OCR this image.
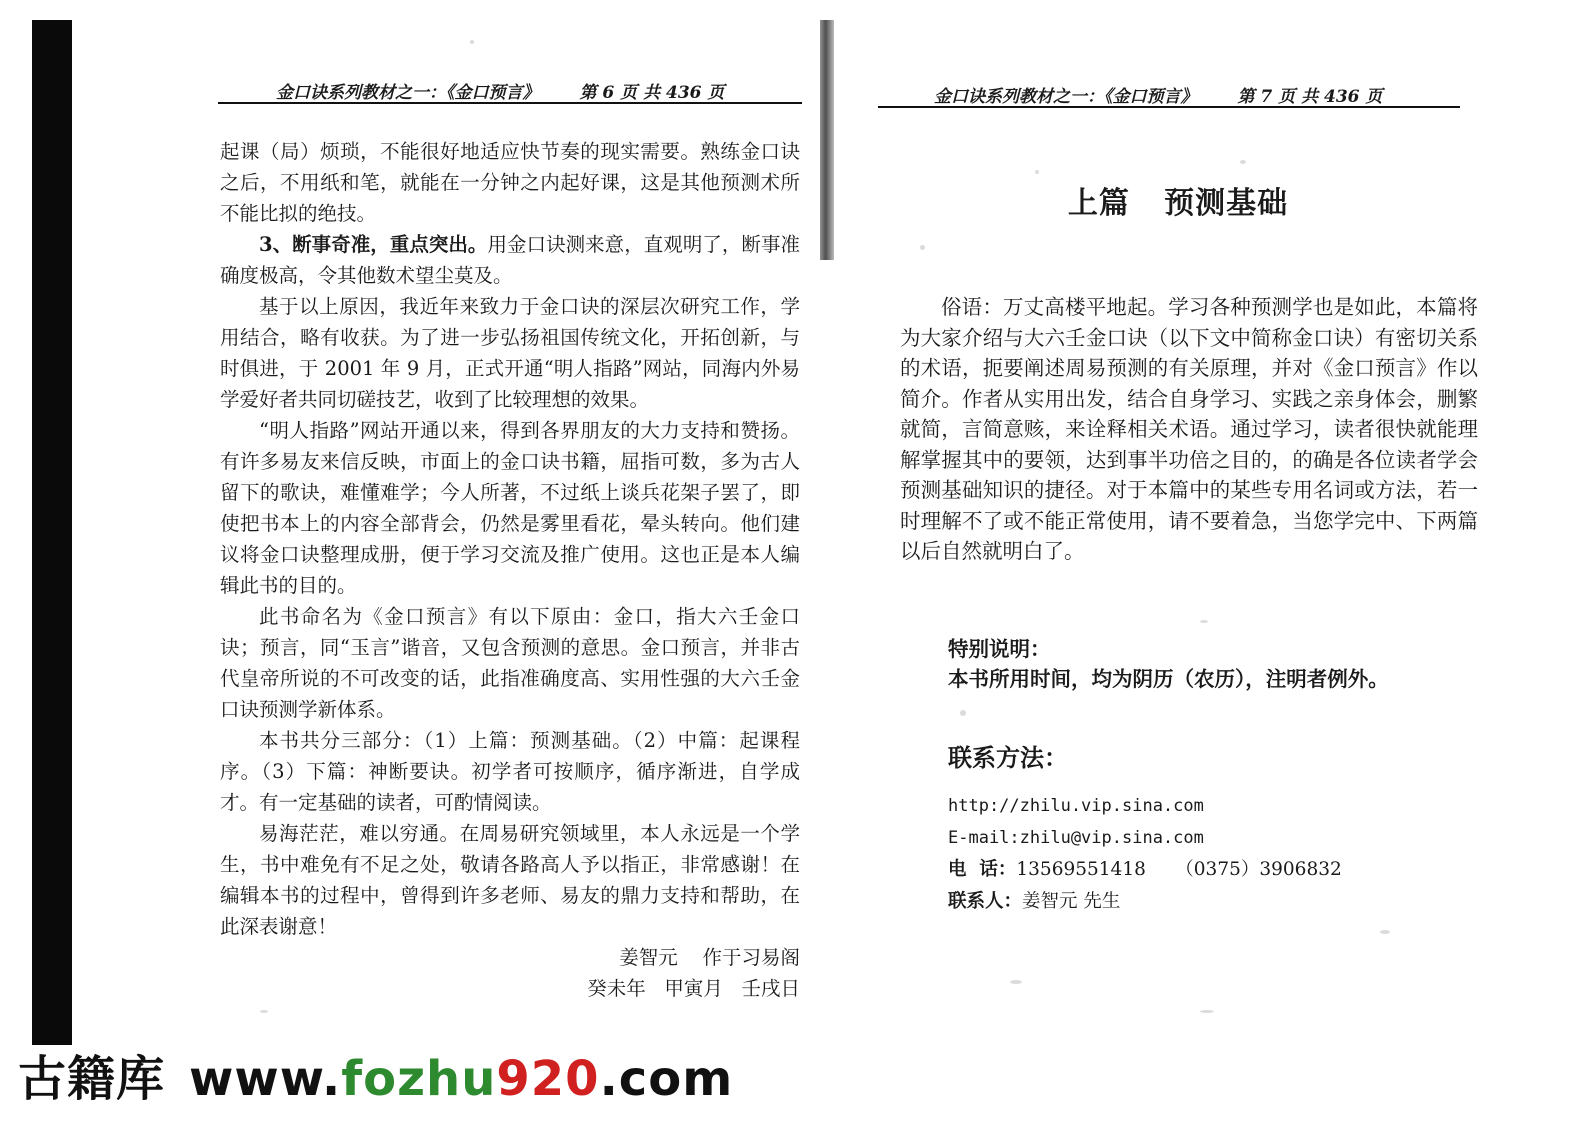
金口诀系列教材之一：《金口预言》 第 6 页 共 436 页

起课（局）烦琐，不能很好地适应快节奏的现实需要。熟练金口诀之后，不用纸和笔，就能在一分钟之内起好课，这是其他预测术所不能比拟的绝技。

3、断事奇准，重点突出。用金口诀测来意，直观明了，断事准确度极高，令其他数术望尘莫及。

基于以上原因，我近年来致力于金口诀的深层次研究工作，学用结合，略有收获。为了进一步弘扬祖国传统文化，开拓创新，与时俱进，于 2001 年 9 月，正式开通“明人指路”网站，同海内外易学爱好者共同切磋技艺，收到了比较理想的效果。

“明人指路”网站开通以来，得到各界朋友的大力支持和赞扬。有许多易友来信反映，市面上的金口诀书籍，屈指可数，多为古人留下的歌诀，难懂难学；今人所著，不过纸上谈兵花架子罢了，即使把书本上的内容全部背会，仍然是雾里看花，晕头转向。他们建议将金口诀整理成册，便于学习交流及推广使用。这也正是本人编辑此书的目的。

此书命名为《金口预言》有以下原由：金口，指大六壬金口诀；预言，同“玉言”谐音，又包含预测的意思。金口预言，并非古代皇帝所说的不可改变的话，此指准确度高、实用性强的大六壬金口诀预测学新体系。

本书共分三部分：（1）上篇：预测基础。（2）中篇：起课程序。（3）下篇：神断要诀。初学者可按顺序，循序渐进，自学成才。有一定基础的读者，可酌情阅读。

易海茫茫，难以穷通。在周易研究领域里，本人永远是一个学生，书中难免有不足之处，敬请各路高人予以指正，非常感谢！在编辑本书的过程中，曾得到许多老师、易友的鼎力支持和帮助，在此深表谢意！

姜智元    作于习易阁

癸未年   甲寅月   壬戌日

金口诀系列教材之一：《金口预言》 第 7 页 共 436 页
上篇   预测基础

俗语：万丈高楼平地起。学习各种预测学也是如此，本篇将为大家介绍与大六壬金口诀（以下文中简称金口诀）有密切关系的术语，扼要阐述周易预测的有关原理，并对《金口预言》作以简介。作者从实用出发，结合自身学习、实践之亲身体会，删繁就简，言简意赅，来诠释相关术语。通过学习，读者很快就能理解掌握其中的要领，达到事半功倍之目的，的确是各位读者学会预测基础知识的捷径。对于本篇中的某些专用名词或方法，若一时理解不了或不能正常使用，请不要着急，当您学完中、下两篇以后自然就明白了。

特别说明：

本书所用时间，均为阴历（农历），注明者例外。

联系方法：

http://zhilu.vip.sina.com

E-mail:zhilu@vip.sina.com

电  话：13569551418 （0375）3906832

联系人：姜智元 先生

古籍库 www.fozhu920.com
